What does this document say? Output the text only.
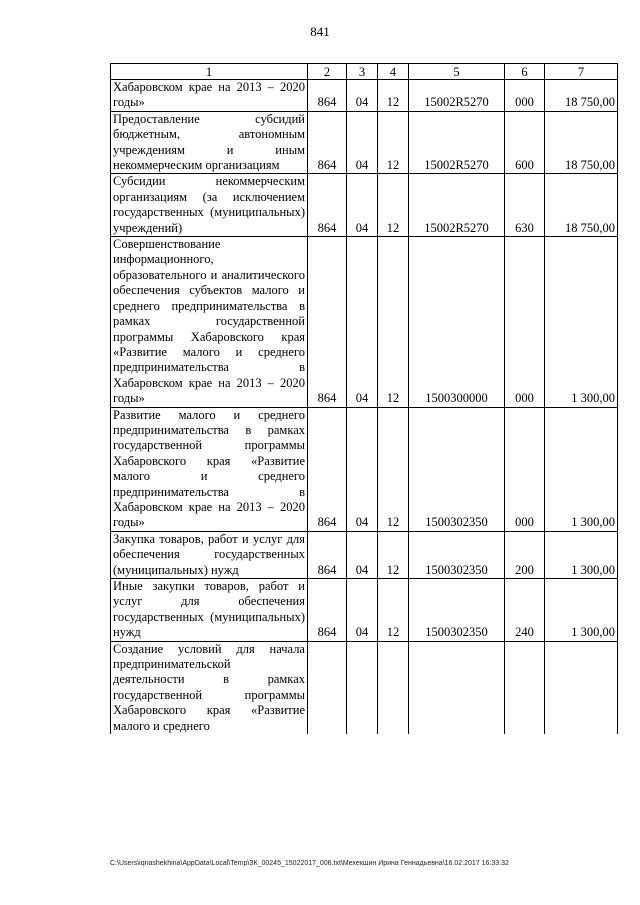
841
1	2	3	4	5	6	7
Хабаровском крае на 2013 – 2020 годы»	864	04	12	15002R5270	000	18 750,00
Предоставление субсидий бюджетным, автономным учреждениям и иным некоммерческим организациям	864	04	12	15002R5270	600	18 750,00
Субсидии некоммерческим организациям (за исключением государственных (муниципальных) учреждений)	864	04	12	15002R5270	630	18 750,00
Совершенствование информационного, образовательного и аналитического обеспечения субъектов малого и среднего предпринимательства в рамках государственной программы Хабаровского края «Развитие малого и среднего предпринимательства в Хабаровском крае на 2013 – 2020 годы»	864	04	12	1500300000	000	1 300,00
Развитие малого и среднего предпринимательства в рамках государственной программы Хабаровского края «Развитие малого и среднего предпринимательства в Хабаровском крае на 2013 – 2020 годы»	864	04	12	1500302350	000	1 300,00
Закупка товаров, работ и услуг для обеспечения государственных (муниципальных) нужд	864	04	12	1500302350	200	1 300,00
Иные закупки товаров, работ и услуг для обеспечения государственных (муниципальных) нужд	864	04	12	1500302350	240	1 300,00
Создание условий для начала предпринимательской деятельности в рамках государственной программы Хабаровского края «Развитие малого и среднего						
C:\Users\iqnashekhina\AppData\Local\Temp\ЗК_00245_15022017_006.txt\Мехекшин Ирина Геннадьевна\16.02.2017 16:33:32
